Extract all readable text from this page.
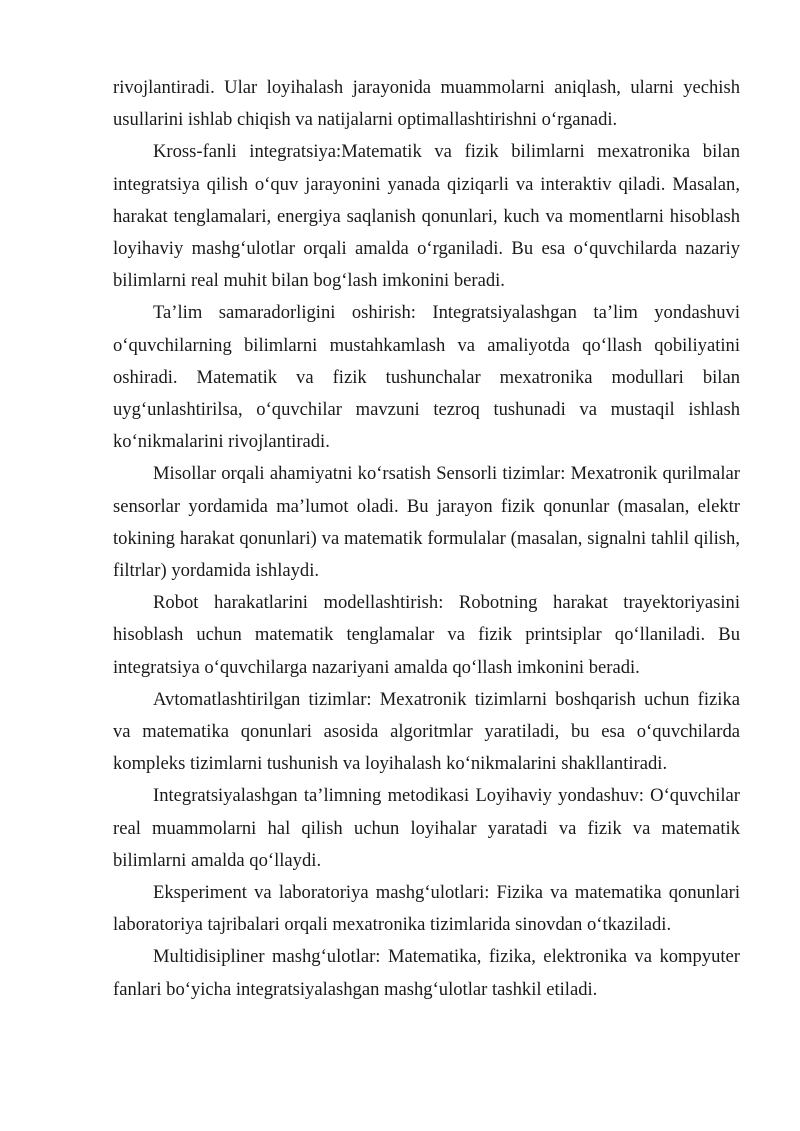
rivojlantiradi. Ular loyihalash jarayonida muammolarni aniqlash, ularni yechish usullarini ishlab chiqish va natijalarni optimallashtirishni o‘rganadi.

Kross-fanli integratsiya:Matematik va fizik bilimlarni mexatronika bilan integratsiya qilish o‘quv jarayonini yanada qiziqarli va interaktiv qiladi. Masalan, harakat tenglamalari, energiya saqlanish qonunlari, kuch va momentlarni hisoblash loyihaviy mashg‘ulotlar orqali amalda o‘rganiladi. Bu esa o‘quvchilarda nazariy bilimlarni real muhit bilan bog‘lash imkonini beradi.

Ta’lim samaradorligini oshirish: Integratsiyalashgan ta’lim yondashuvi o‘quvchilarning bilimlarni mustahkamlash va amaliyotda qo‘llash qobiliyatini oshiradi. Matematik va fizik tushunchalar mexatronika modullari bilan uyg‘unlashtirilsa, o‘quvchilar mavzuni tezroq tushunadi va mustaqil ishlash ko‘nikmalarini rivojlantiradi.

Misollar orqali ahamiyatni ko‘rsatish Sensorli tizimlar: Mexatronik qurilmalar sensorlar yordamida ma’lumot oladi. Bu jarayon fizik qonunlar (masalan, elektr tokining harakat qonunlari) va matematik formulalar (masalan, signalni tahlil qilish, filtrlar) yordamida ishlaydi.

Robot harakatlarini modellashtirish: Robotning harakat trayektoriyasini hisoblash uchun matematik tenglamalar va fizik printsiplar qo‘llaniladi. Bu integratsiya o‘quvchilarga nazariyani amalda qo‘llash imkonini beradi.

Avtomatlashtirilgan tizimlar: Mexatronik tizimlarni boshqarish uchun fizika va matematika qonunlari asosida algoritmlar yaratiladi, bu esa o‘quvchilarda kompleks tizimlarni tushunish va loyihalash ko‘nikmalarini shakllantiradi.

Integratsiyalashgan ta’limning metodikasi Loyihaviy yondashuv: O‘quvchilar real muammolarni hal qilish uchun loyihalar yaratadi va fizik va matematik bilimlarni amalda qo‘llaydi.

Eksperiment va laboratoriya mashg‘ulotlari: Fizika va matematika qonunlari laboratoriya tajribalari orqali mexatronika tizimlarida sinovdan o‘tkaziladi.

Multidisipliner mashg‘ulotlar: Matematika, fizika, elektronika va kompyuter fanlari bo‘yicha integratsiyalashgan mashg‘ulotlar tashkil etiladi.
